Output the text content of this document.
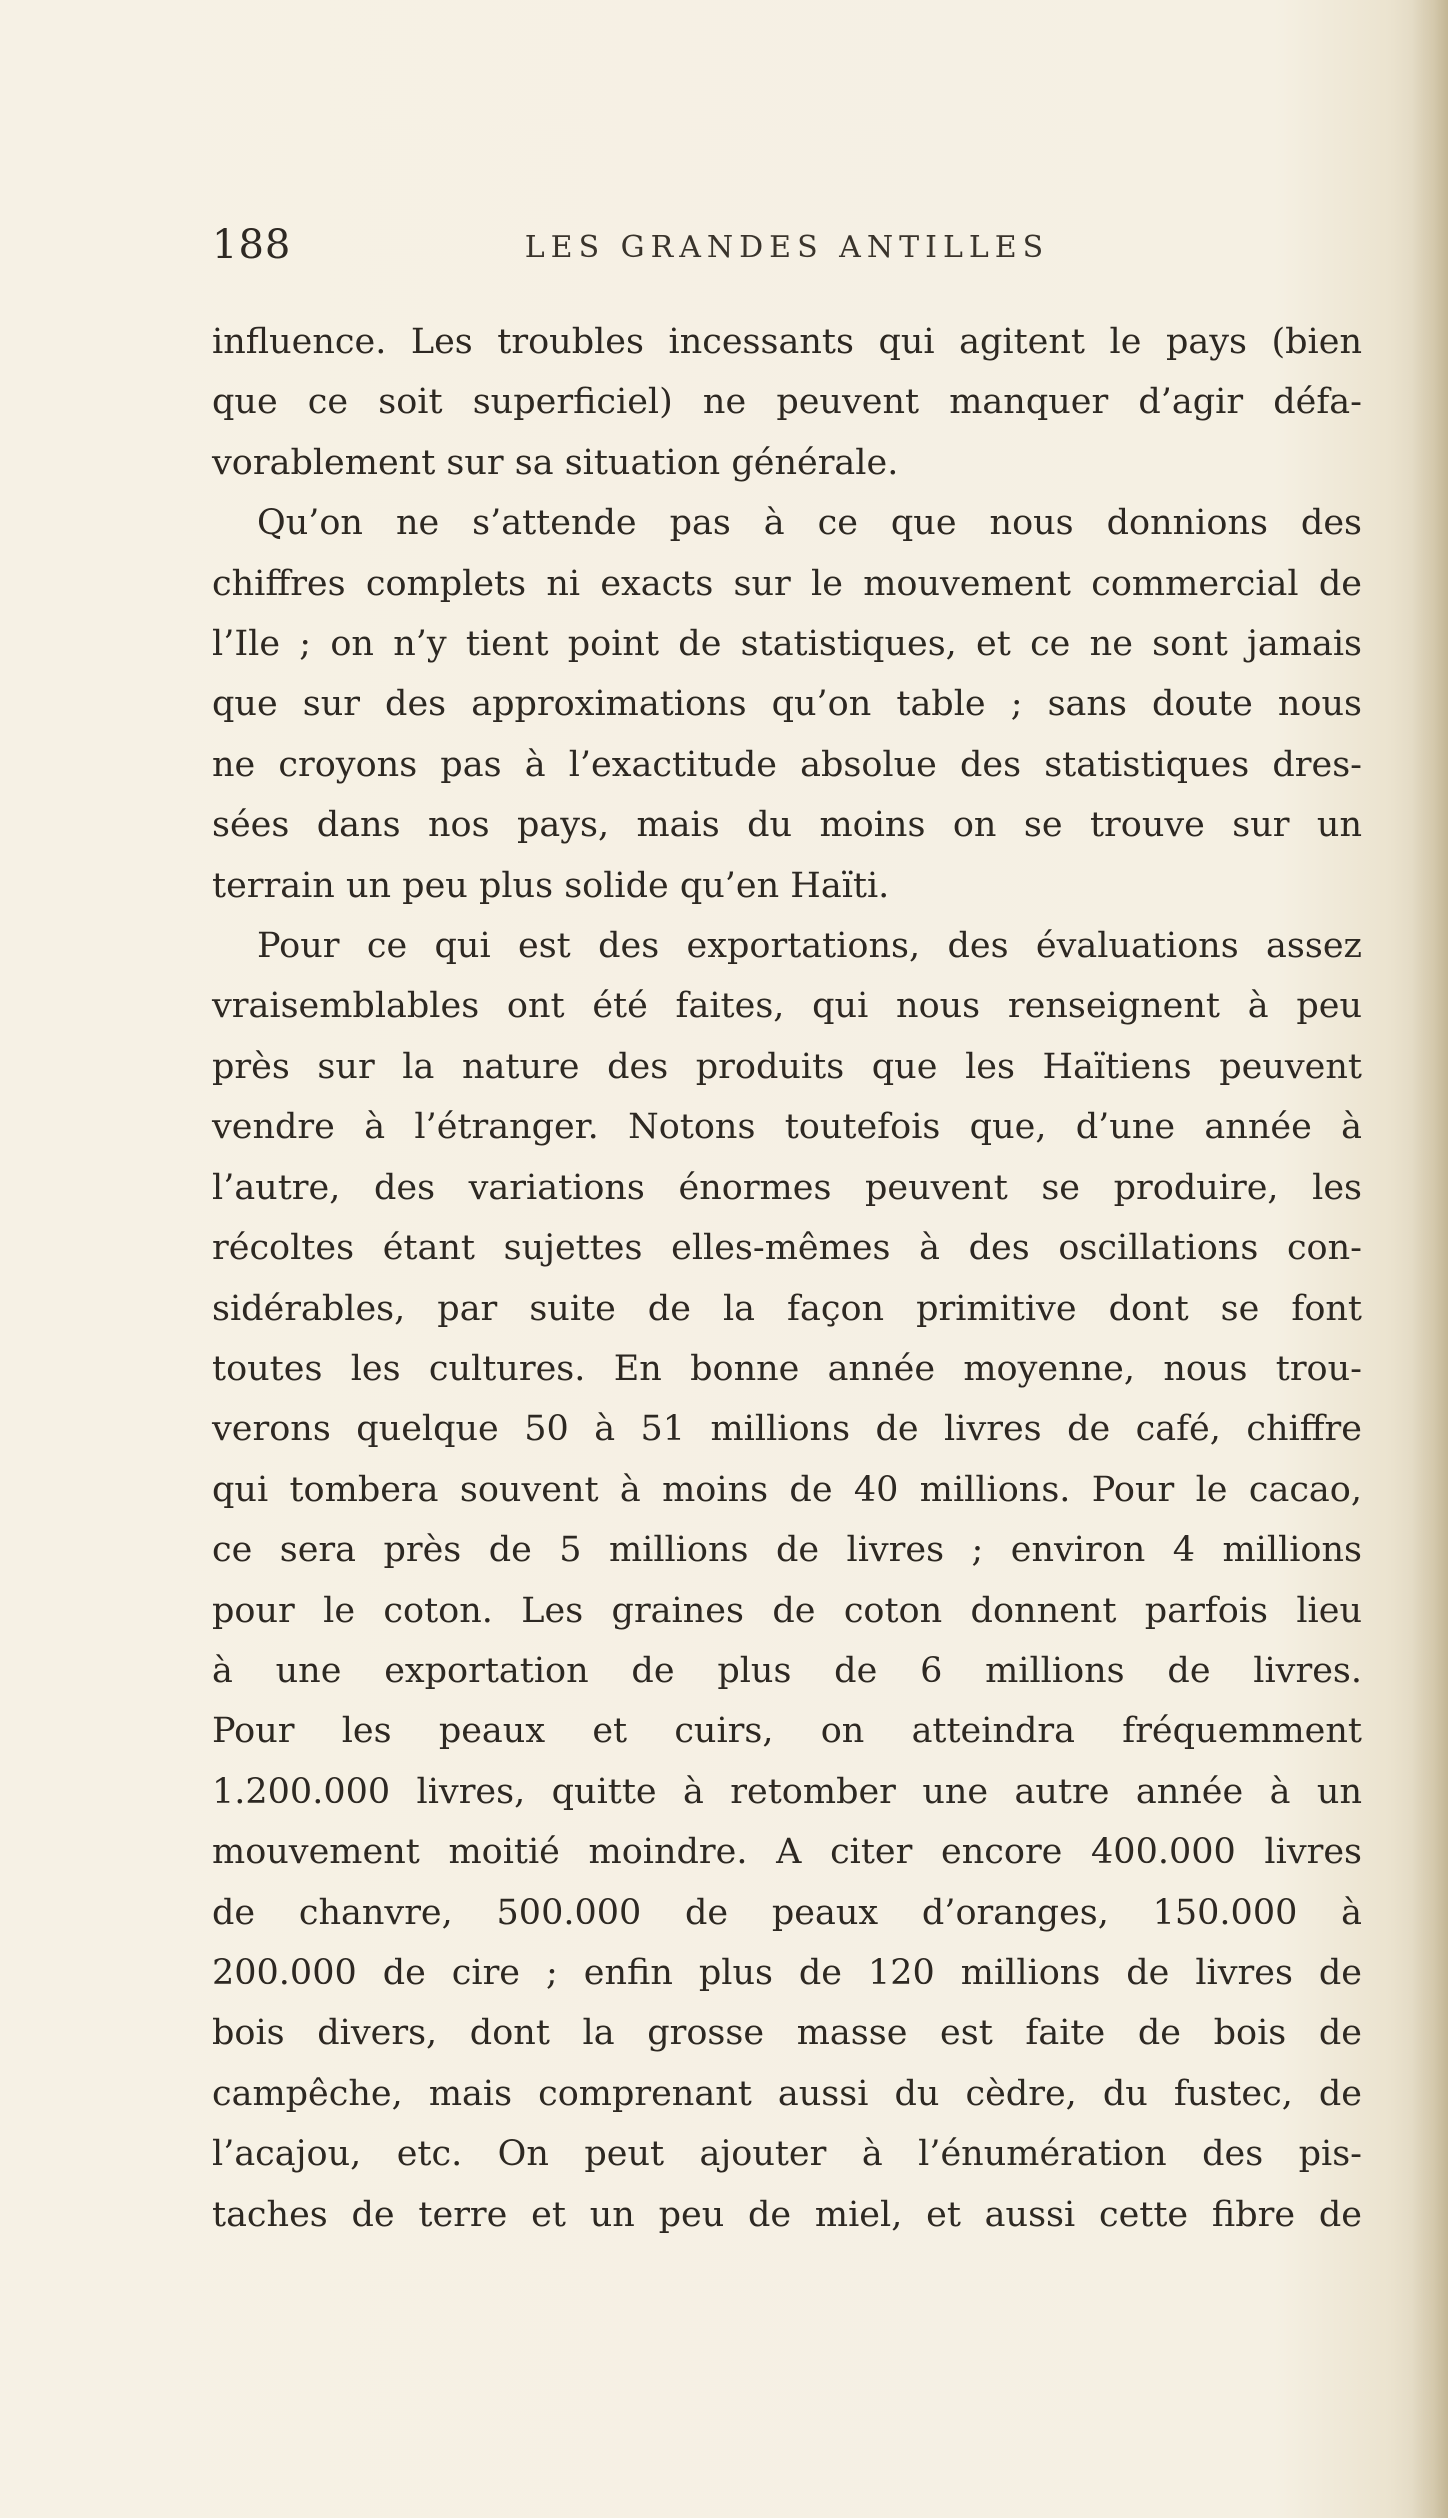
188	LES GRANDES ANTILLES

influence. Les troubles incessants qui agitent le pays (bien
que ce soit superficiel) ne peuvent manquer d’agir défa-
vorablement sur sa situation générale.

Qu’on ne s’attende pas à ce que nous donnions des
chiffres complets ni exacts sur le mouvement commercial de
l’Ile ; on n’y tient point de statistiques, et ce ne sont jamais
que sur des approximations qu’on table ; sans doute nous
ne croyons pas à l’exactitude absolue des statistiques dres-
sées dans nos pays, mais du moins on se trouve sur un
terrain un peu plus solide qu’en Haïti.

Pour ce qui est des exportations, des évaluations assez
vraisemblables ont été faites, qui nous renseignent à peu
près sur la nature des produits que les Haïtiens peuvent
vendre à l’étranger. Notons toutefois que, d’une année à
l’autre, des variations énormes peuvent se produire, les
récoltes étant sujettes elles-mêmes à des oscillations con-
sidérables, par suite de la façon primitive dont se font
toutes les cultures. En bonne année moyenne, nous trou-
verons quelque 50 à 51 millions de livres de café, chiffre
qui tombera souvent à moins de 40 millions. Pour le cacao,
ce sera près de 5 millions de livres ; environ 4 millions
pour le coton. Les graines de coton donnent parfois lieu
à une exportation de plus de 6 millions de livres.
Pour les peaux et cuirs, on atteindra fréquemment
1.200.000 livres, quitte à retomber une autre année à un
mouvement moitié moindre. A citer encore 400.000 livres
de chanvre, 500.000 de peaux d’oranges, 150.000 à
200.000 de cire ; enfin plus de 120 millions de livres de
bois divers, dont la grosse masse est faite de bois de
campêche, mais comprenant aussi du cèdre, du fustec, de
l’acajou, etc. On peut ajouter à l’énumération des pis-
taches de terre et un peu de miel, et aussi cette fibre de
